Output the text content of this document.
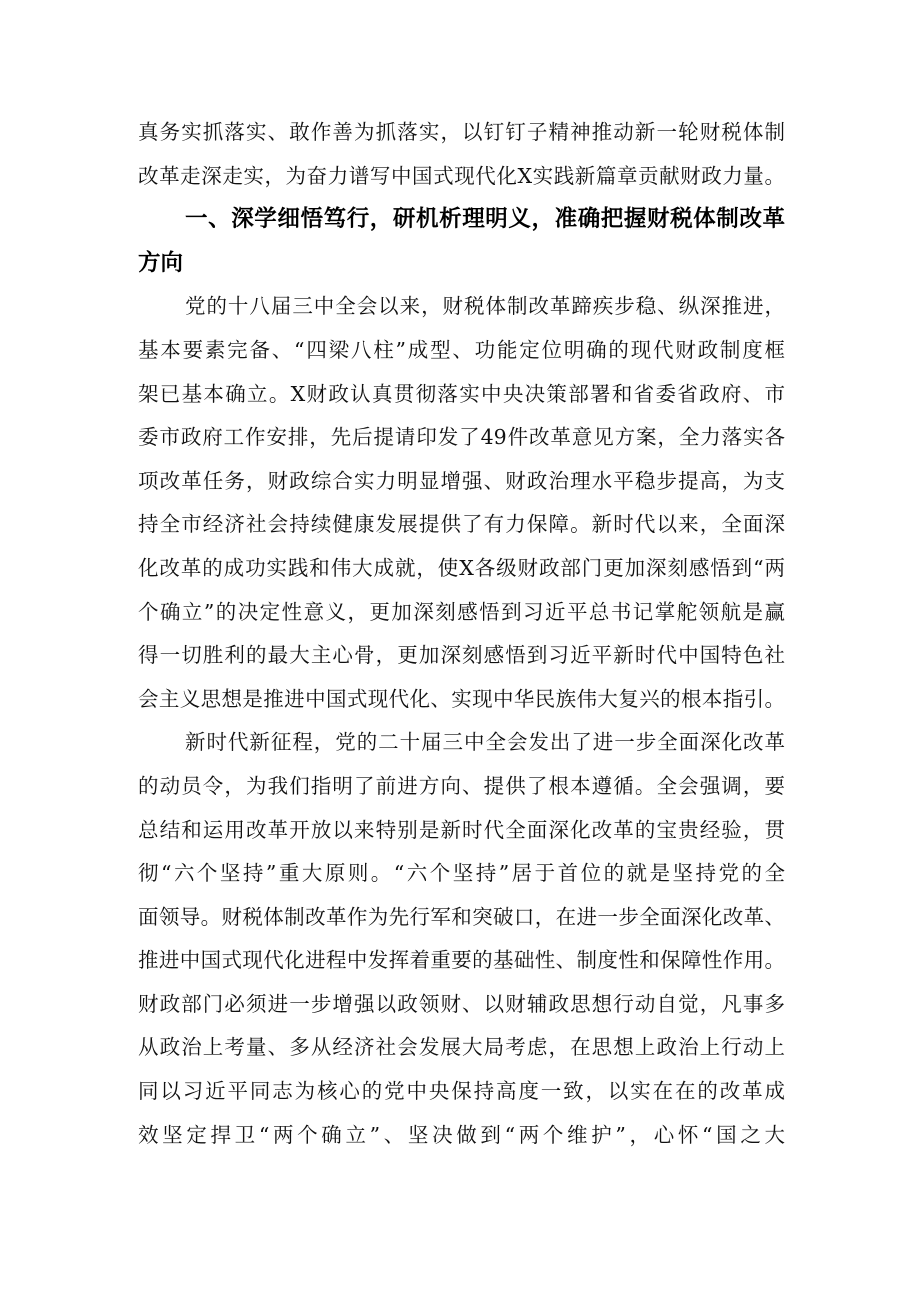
真务实抓落实、敢作善为抓落实，以钉钉子精神推动新一轮财税体制
改革走深走实，为奋力谱写中国式现代化X实践新篇章贡献财政力量。
一、深学细悟笃行，研机析理明义，准确把握财税体制改革
方向
党的十八届三中全会以来，财税体制改革蹄疾步稳、纵深推进，
基本要素完备、“四梁八柱”成型、功能定位明确的现代财政制度框
架已基本确立。X财政认真贯彻落实中央决策部署和省委省政府、市
委市政府工作安排，先后提请印发了49件改革意见方案，全力落实各
项改革任务，财政综合实力明显增强、财政治理水平稳步提高，为支
持全市经济社会持续健康发展提供了有力保障。新时代以来，全面深
化改革的成功实践和伟大成就，使X各级财政部门更加深刻感悟到“两
个确立”的决定性意义，更加深刻感悟到习近平总书记掌舵领航是赢
得一切胜利的最大主心骨，更加深刻感悟到习近平新时代中国特色社
会主义思想是推进中国式现代化、实现中华民族伟大复兴的根本指引。
新时代新征程，党的二十届三中全会发出了进一步全面深化改革
的动员令，为我们指明了前进方向、提供了根本遵循。全会强调，要
总结和运用改革开放以来特别是新时代全面深化改革的宝贵经验，贯
彻“六个坚持”重大原则。“六个坚持”居于首位的就是坚持党的全
面领导。财税体制改革作为先行军和突破口，在进一步全面深化改革、
推进中国式现代化进程中发挥着重要的基础性、制度性和保障性作用。
财政部门必须进一步增强以政领财、以财辅政思想行动自觉，凡事多
从政治上考量、多从经济社会发展大局考虑，在思想上政治上行动上
同以习近平同志为核心的党中央保持高度一致，以实在在的改革成
效坚定捍卫“两个确立”、坚决做到“两个维护”，心怀“国之大
